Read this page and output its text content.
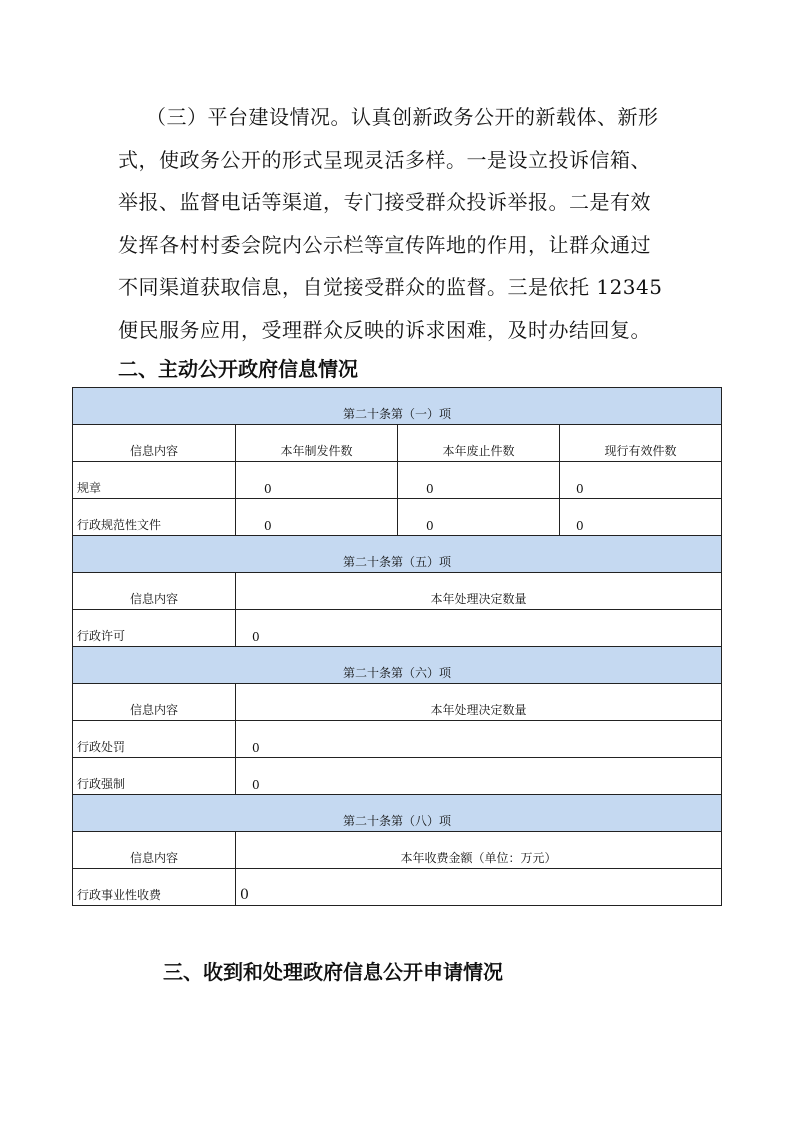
（三）平台建设情况。认真创新政务公开的新载体、新形
式，使政务公开的形式呈现灵活多样。一是设立投诉信箱、
举报、监督电话等渠道，专门接受群众投诉举报。二是有效
发挥各村村委会院内公示栏等宣传阵地的作用，让群众通过
不同渠道获取信息，自觉接受群众的监督。三是依托 12345
便民服务应用，受理群众反映的诉求困难，及时办结回复。
二、主动公开政府信息情况
第二十条第（一）项			
信息内容	本年制发件数	本年废止件数	现行有效件数
规章	0	0	0
行政规范性文件	0	0	0
第二十条第（五）项			
信息内容	本年处理决定数量		
行政许可	0		
第二十条第（六）项			
信息内容	本年处理决定数量		
行政处罚	0		
行政强制	0		
第二十条第（八）项			
信息内容	本年收费金额（单位：万元）		
行政事业性收费	0		
三、收到和处理政府信息公开申请情况
